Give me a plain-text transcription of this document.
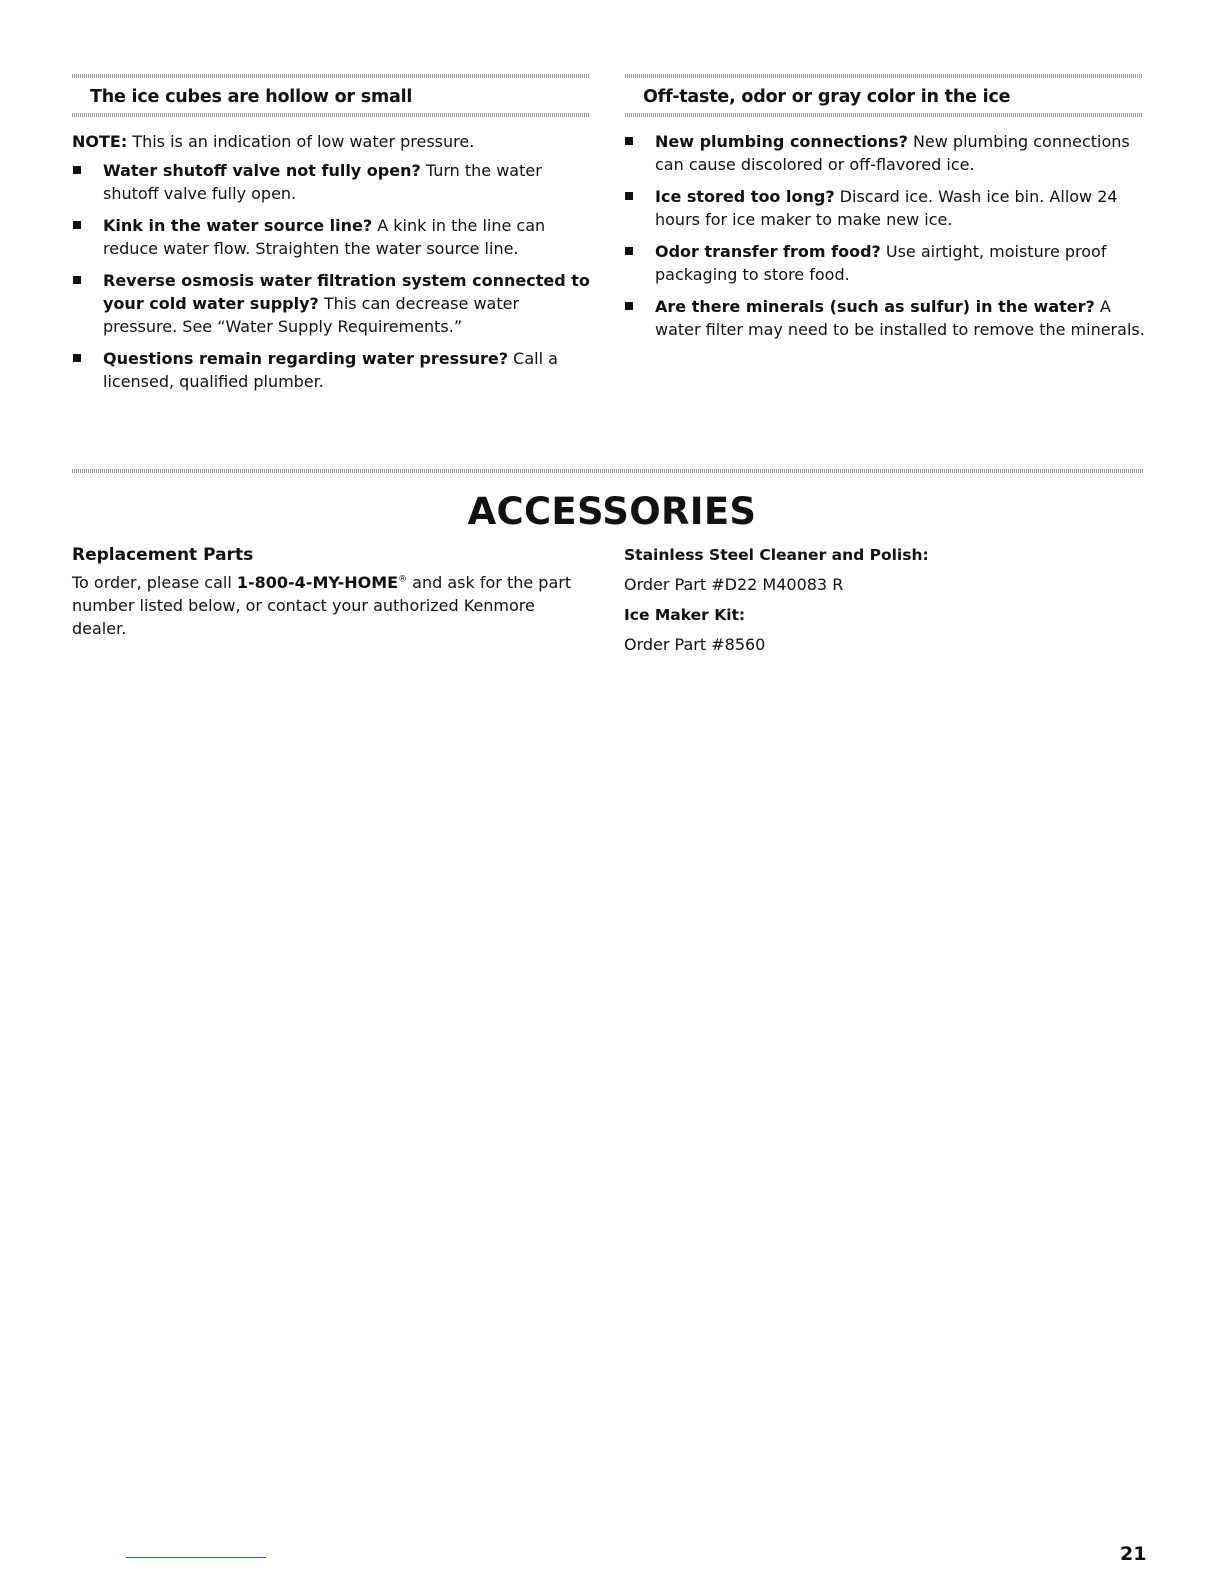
The ice cubes are hollow or small

NOTE: This is an indication of low water pressure.

Water shutoff valve not fully open? Turn the water shutoff valve fully open.
Kink in the water source line? A kink in the line can reduce water flow. Straighten the water source line.
Reverse osmosis water filtration system connected to your cold water supply? This can decrease water pressure. See “Water Supply Requirements.”
Questions remain regarding water pressure? Call a licensed, qualified plumber.
Off-taste, odor or gray color in the ice
New plumbing connections? New plumbing connections can cause discolored or off-flavored ice.
Ice stored too long? Discard ice. Wash ice bin. Allow 24 hours for ice maker to make new ice.
Odor transfer from food? Use airtight, moisture proof packaging to store food.
Are there minerals (such as sulfur) in the water? A water filter may need to be installed to remove the minerals.
ACCESSORIES
Replacement Parts

To order, please call 1-800-4-MY-HOME® and ask for the part number listed below, or contact your authorized Kenmore dealer.

Stainless Steel Cleaner and Polish:

Order Part #D22 M40083 R

Ice Maker Kit:

Order Part #8560

21
